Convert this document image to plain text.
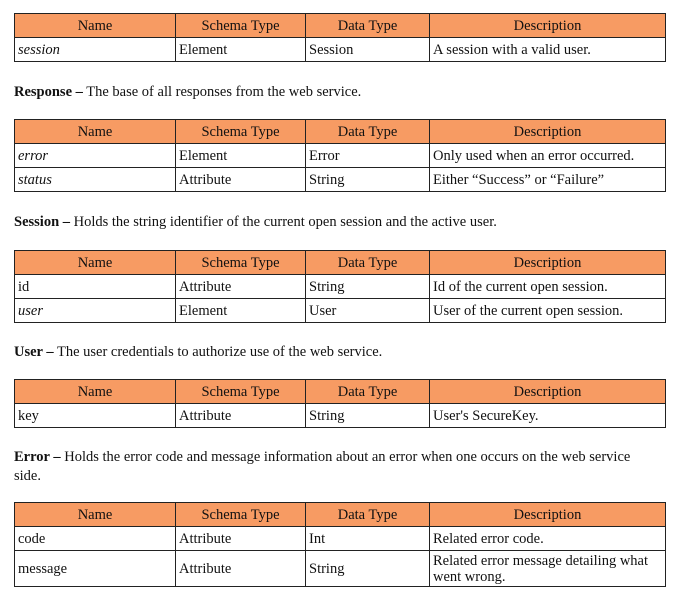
Name	Schema Type	Data Type	Description
session	Element	Session	A session with a valid user.
Response – The base of all responses from the web service.
Name	Schema Type	Data Type	Description
error	Element	Error	Only used when an error occurred.
status	Attribute	String	Either “Success” or “Failure”
Session – Holds the string identifier of the current open session and the active user.
Name	Schema Type	Data Type	Description
id	Attribute	String	Id of the current open session.
user	Element	User	User of the current open session.
User – The user credentials to authorize use of the web service.
Name	Schema Type	Data Type	Description
key	Attribute	String	User's SecureKey.
Error – Holds the error code and message information about an error when one occurs on the web service side.
Name	Schema Type	Data Type	Description
code	Attribute	Int	Related error code.
message	Attribute	String	Related error message detailing what went wrong.
